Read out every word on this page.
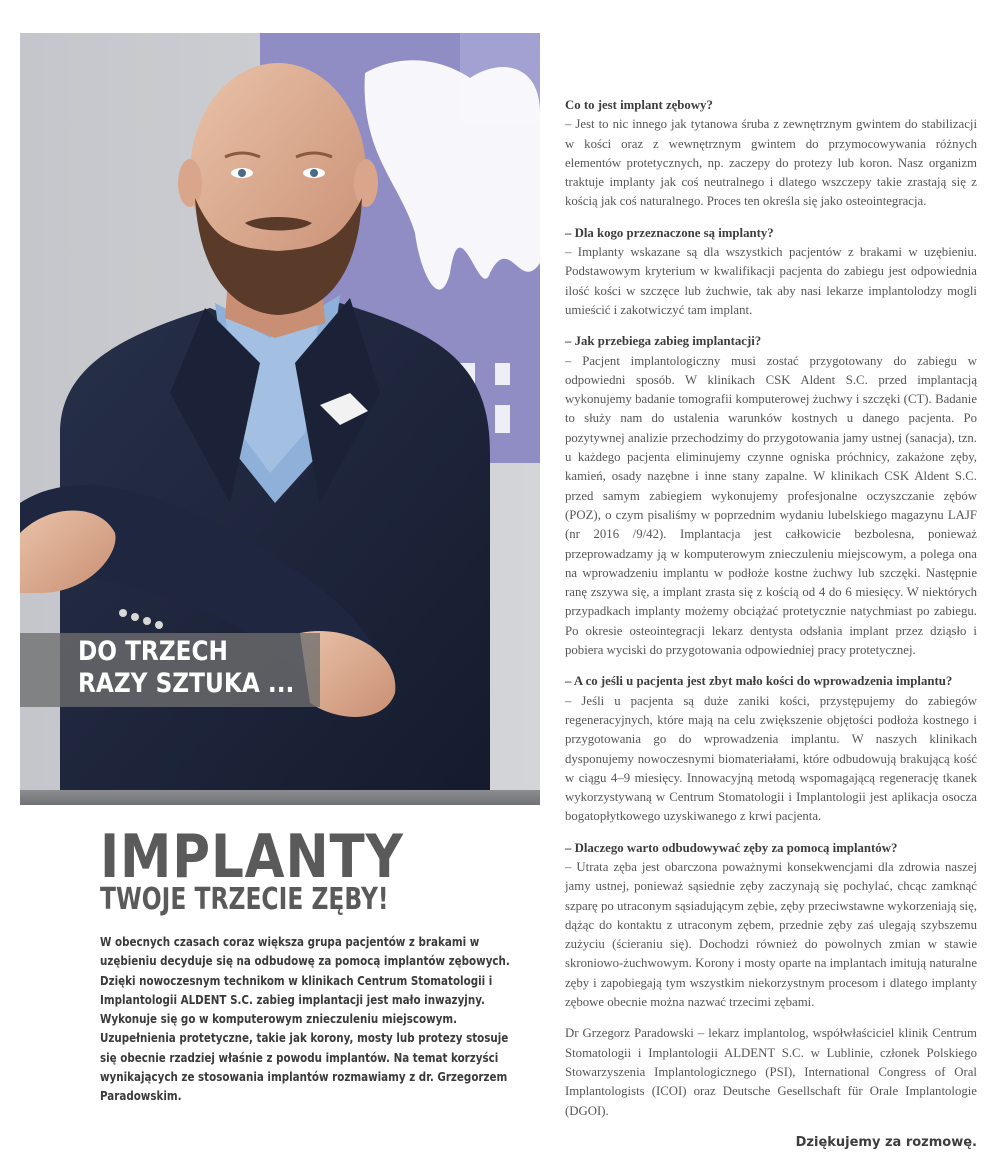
DO TRZECH
RAZY SZTUKA ...
IMPLANTY
TWOJE TRZECIE ZĘBY!
W obecnych czasach coraz większa grupa pacjentów z brakami w uzębieniu decyduje się na odbudowę za pomocą implantów zębowych. Dzięki nowoczesnym technikom w klinikach Centrum Stomatologii i Implantologii ALDENT S.C. zabieg implantacji jest mało inwazyjny. Wykonuje się go w komputerowym znieczuleniu miejscowym. Uzupełnienia protetyczne, takie jak korony, mosty lub protezy stosuje się obecnie rzadziej właśnie z powodu implantów. Na temat korzyści wynikających ze stosowania implantów rozmawiamy z dr. Grzegorzem Paradowskim.

Co to jest implant zębowy?

– Jest to nic innego jak tytanowa śruba z zewnętrznym gwintem do stabilizacji w kości oraz z wewnętrznym gwintem do przymocowywania różnych elementów protetycznych, np. zaczepy do protezy lub koron. Nasz organizm traktuje implanty jak coś neutralnego i dlatego wszczepy takie zrastają się z kością jak coś naturalnego. Proces ten określa się jako osteointegracja.

– Dla kogo przeznaczone są implanty?

– Implanty wskazane są dla wszystkich pacjentów z brakami w uzębieniu. Podstawowym kryterium w kwalifikacji pacjenta do zabiegu jest odpowiednia ilość kości w szczęce lub żuchwie, tak aby nasi lekarze implantolodzy mogli umieścić i zakotwiczyć tam implant.

– Jak przebiega zabieg implantacji?

– Pacjent implantologiczny musi zostać przygotowany do zabiegu w odpowiedni sposób. W klinikach CSK Aldent S.C. przed implantacją wykonujemy badanie tomografii komputerowej żuchwy i szczęki (CT). Badanie to służy nam do ustalenia warunków kostnych u danego pacjenta. Po pozytywnej analizie przechodzimy do przygotowania jamy ustnej (sanacja), tzn. u każdego pacjenta eliminujemy czynne ogniska próchnicy, zakażone zęby, kamień, osady nazębne i inne stany zapalne. W klinikach CSK Aldent S.C. przed samym zabiegiem wykonujemy profesjonalne oczyszczanie zębów (POZ), o czym pisaliśmy w poprzednim wydaniu lubelskiego magazynu LAJF (nr 2016 /9/42). Implantacja jest całkowicie bezbolesna, ponieważ przeprowadzamy ją w komputerowym znieczuleniu miejscowym, a polega ona na wprowadzeniu implantu w podłoże kostne żuchwy lub szczęki. Następnie ranę zszywa się, a implant zrasta się z kością od 4 do 6 miesięcy. W niektórych przypadkach implanty możemy obciążać protetycznie natychmiast po zabiegu. Po okresie osteointegracji lekarz dentysta odsłania implant przez dziąsło i pobiera wyciski do przygotowania odpowiedniej pracy protetycznej.

– A co jeśli u pacjenta jest zbyt mało kości do wprowadzenia implantu?

– Jeśli u pacjenta są duże zaniki kości, przystępujemy do zabiegów regeneracyjnych, które mają na celu zwiększenie objętości podłoża kostnego i przygotowania go do wprowadzenia implantu. W naszych klinikach dysponujemy nowoczesnymi biomateriałami, które odbudowują brakującą kość w ciągu 4–9 miesięcy. Innowacyjną metodą wspomagającą regenerację tkanek wykorzystywaną w Centrum Stomatologii i Implantologii jest aplikacja osocza bogatopłytkowego uzyskiwanego z krwi pacjenta.

– Dlaczego warto odbudowywać zęby za pomocą implantów?

– Utrata zęba jest obarczona poważnymi konsekwencjami dla zdrowia naszej jamy ustnej, ponieważ sąsiednie zęby zaczynają się pochylać, chcąc zamknąć szparę po utraconym sąsiadującym zębie, zęby przeciwstawne wykorzeniają się, dążąc do kontaktu z utraconym zębem, przednie zęby zaś ulegają szybszemu zużyciu (ścieraniu się). Dochodzi również do powolnych zmian w stawie skroniowo-żuchwowym. Korony i mosty oparte na implantach imitują naturalne zęby i zapobiegają tym wszystkim niekorzystnym procesom i dlatego implanty zębowe obecnie można nazwać trzecimi zębami.

Dr Grzegorz Paradowski – lekarz implantolog, współwłaściciel klinik Centrum Stomatologii i Implantologii ALDENT S.C. w Lublinie, członek Polskiego Stowarzyszenia Implantologicznego (PSI), International Congress of Oral Implantologists (ICOI) oraz Deutsche Gesellschaft für Orale Implantologie (DGOI).

Dziękujemy za rozmowę.
